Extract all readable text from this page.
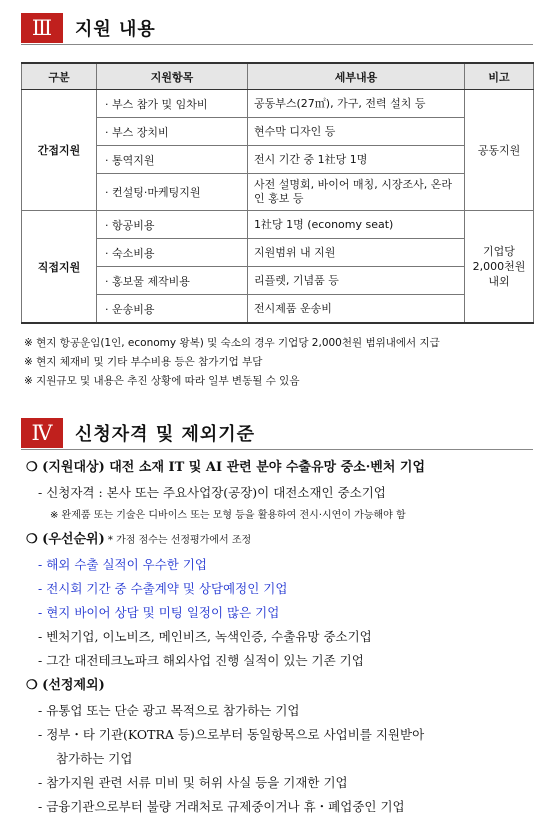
Ⅲ	지원 내용
구분	지원항목	세부내용	비고
간접지원	· 부스 참가 및 임차비	공동부스(27㎡), 가구, 전력 설치 등	공동지원
	· 부스 장치비	현수막 디자인 등	
	· 통역지원	전시 기간 중 1社당 1명	
	· 컨설팅·마케팅지원	사전 설명회, 바이어 매칭, 시장조사, 온라인 홍보 등	
직접지원	· 항공비용	1社당 1명 (economy seat)	기업당 2,000천원 내외

	· 숙소비용	지원범위 내 지원	
	· 홍보물 제작비용	리플렛, 기념품 등	
	· 운송비용	전시제품 운송비	
※ 현지 항공운임(1인, economy 왕복) 및 숙소의 경우 기업당 2,000천원 범위내에서 지급
※ 현지 체재비 및 기타 부수비용 등은 참가기업 부담
※ 지원규모 및 내용은 추진 상황에 따라 일부 변동될 수 있음
Ⅳ	신청자격 및 제외기준
❍ (지원대상) 대전 소재 IT 및 AI 관련 분야 수출유망 중소·벤처 기업
- 신청자격 : 본사 또는 주요사업장(공장)이 대전소재인 중소기업
※ 완제품 또는 기술은 디바이스 또는 모형 등을 활용하여 전시·시연이 가능해야 함
❍ (우선순위) * 가점 점수는 선정평가에서 조정
- 해외 수출 실적이 우수한 기업
- 전시회 기간 중 수출계약 및 상담예정인 기업
- 현지 바이어 상담 및 미팅 일정이 많은 기업
- 벤처기업, 이노비즈, 메인비즈, 녹색인증, 수출유망 중소기업
- 그간 대전테크노파크 해외사업 진행 실적이 있는 기존 기업
❍ (선정제외)
- 유통업 또는 단순 광고 목적으로 참가하는 기업
- 정부・타 기관(KOTRA 등)으로부터 동일항목으로 사업비를 지원받아
참가하는 기업
- 참가지원 관련 서류 미비 및 허위 사실 등을 기재한 기업
- 금융기관으로부터 불량 거래처로 규제중이거나 휴・폐업중인 기업
